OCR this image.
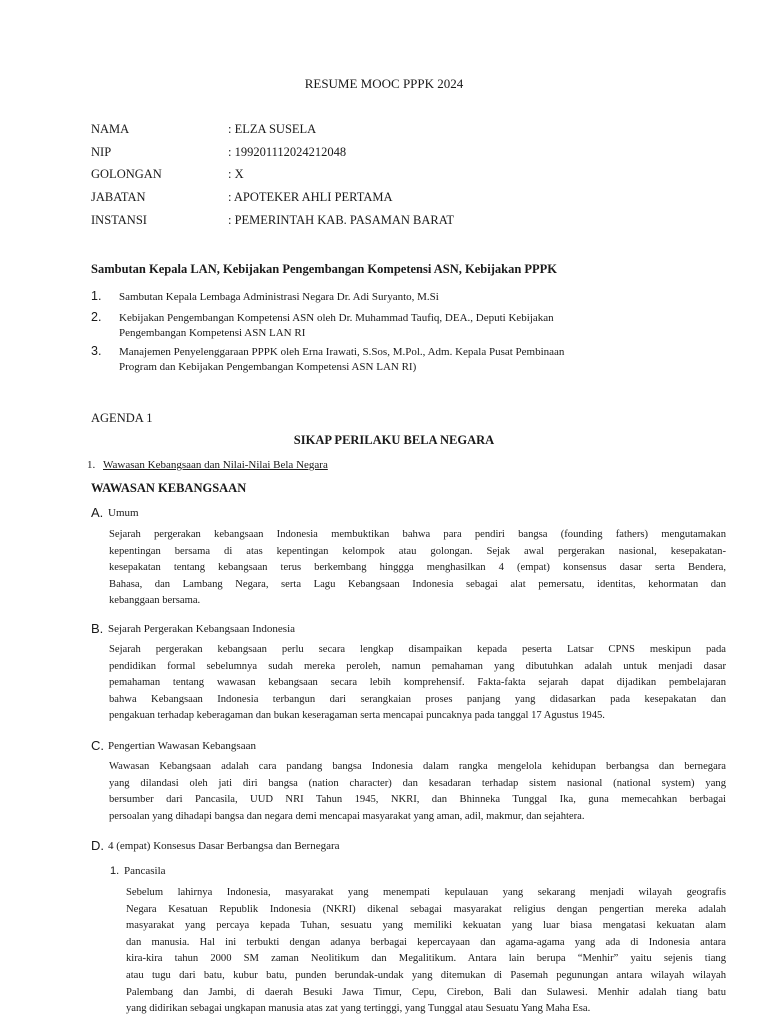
RESUME MOOC PPPK 2024
NAMA	: ELZA SUSELA
NIP	: 199201112024212048
GOLONGAN	: X
JABATAN	: APOTEKER AHLI PERTAMA
INSTANSI	: PEMERINTAH KAB. PASAMAN BARAT
Sambutan Kepala LAN, Kebijakan Pengembangan Kompetensi ASN, Kebijakan PPPK
1. Sambutan Kepala Lembaga Administrasi Negara Dr. Adi Suryanto, M.Si
2. Kebijakan Pengembangan Kompetensi ASN oleh Dr. Muhammad Taufiq, DEA., Deputi Kebijakan
Pengembangan Kompetensi ASN LAN RI
3. Manajemen Penyelenggaraan PPPK oleh Erna Irawati, S.Sos, M.Pol., Adm. Kepala Pusat Pembinaan
Program dan Kebijakan Pengembangan Kompetensi ASN LAN RI)
AGENDA 1
SIKAP PERILAKU BELA NEGARA
1. Wawasan Kebangsaan dan Nilai-Nilai Bela Negara
WAWASAN KEBANGSAAN
A. Umum
Sejarah pergerakan kebangsaan Indonesia membuktikan bahwa para pendiri bangsa (founding fathers) mengutamakan
kepentingan bersama di atas kepentingan kelompok atau golongan. Sejak awal pergerakan nasional, kesepakatan-
kesepakatan tentang kebangsaan terus berkembang hinggga menghasilkan 4 (empat) konsensus dasar serta Bendera,
Bahasa, dan Lambang Negara, serta Lagu Kebangsaan Indonesia sebagai alat pemersatu, identitas, kehormatan dan
kebanggaan bersama.
B. Sejarah Pergerakan Kebangsaan Indonesia
Sejarah pergerakan kebangsaan perlu secara lengkap disampaikan kepada peserta Latsar CPNS meskipun pada
pendidikan formal sebelumnya sudah mereka peroleh, namun pemahaman yang dibutuhkan adalah untuk menjadi dasar
pemahaman tentang wawasan kebangsaan secara lebih komprehensif. Fakta-fakta sejarah dapat dijadikan pembelajaran
bahwa Kebangsaan Indonesia terbangun dari serangkaian proses panjang yang didasarkan pada kesepakatan dan
pengakuan terhadap keberagaman dan bukan keseragaman serta mencapai puncaknya pada tanggal 17 Agustus 1945.
C. Pengertian Wawasan Kebangsaan
Wawasan Kebangsaan adalah cara pandang bangsa Indonesia dalam rangka mengelola kehidupan berbangsa dan bernegara
yang dilandasi oleh jati diri bangsa (nation character) dan kesadaran terhadap sistem nasional (national system) yang
bersumber dari Pancasila, UUD NRI Tahun 1945, NKRI, dan Bhinneka Tunggal Ika, guna memecahkan berbagai
persoalan yang dihadapi bangsa dan negara demi mencapai masyarakat yang aman, adil, makmur, dan sejahtera.
D. 4 (empat) Konsesus Dasar Berbangsa dan Bernegara
1. Pancasila
Sebelum lahirnya Indonesia, masyarakat yang menempati kepulauan yang sekarang menjadi wilayah geografis
Negara Kesatuan Republik Indonesia (NKRI) dikenal sebagai masyarakat religius dengan pengertian mereka adalah
masyarakat yang percaya kepada Tuhan, sesuatu yang memiliki kekuatan yang luar biasa mengatasi kekuatan alam
dan manusia. Hal ini terbukti dengan adanya berbagai kepercayaan dan agama-agama yang ada di Indonesia antara
kira-kira tahun 2000 SM zaman Neolitikum dan Megalitikum. Antara lain berupa “Menhir” yaitu sejenis tiang
atau tugu dari batu, kubur batu, punden berundak-undak yang ditemukan di Pasemah pegunungan antara wilayah wilayah
Palembang dan Jambi, di daerah Besuki Jawa Timur, Cepu, Cirebon, Bali dan Sulawesi. Menhir adalah tiang batu
yang didirikan sebagai ungkapan manusia atas zat yang tertinggi, yang Tunggal atau Sesuatu Yang Maha Esa.
